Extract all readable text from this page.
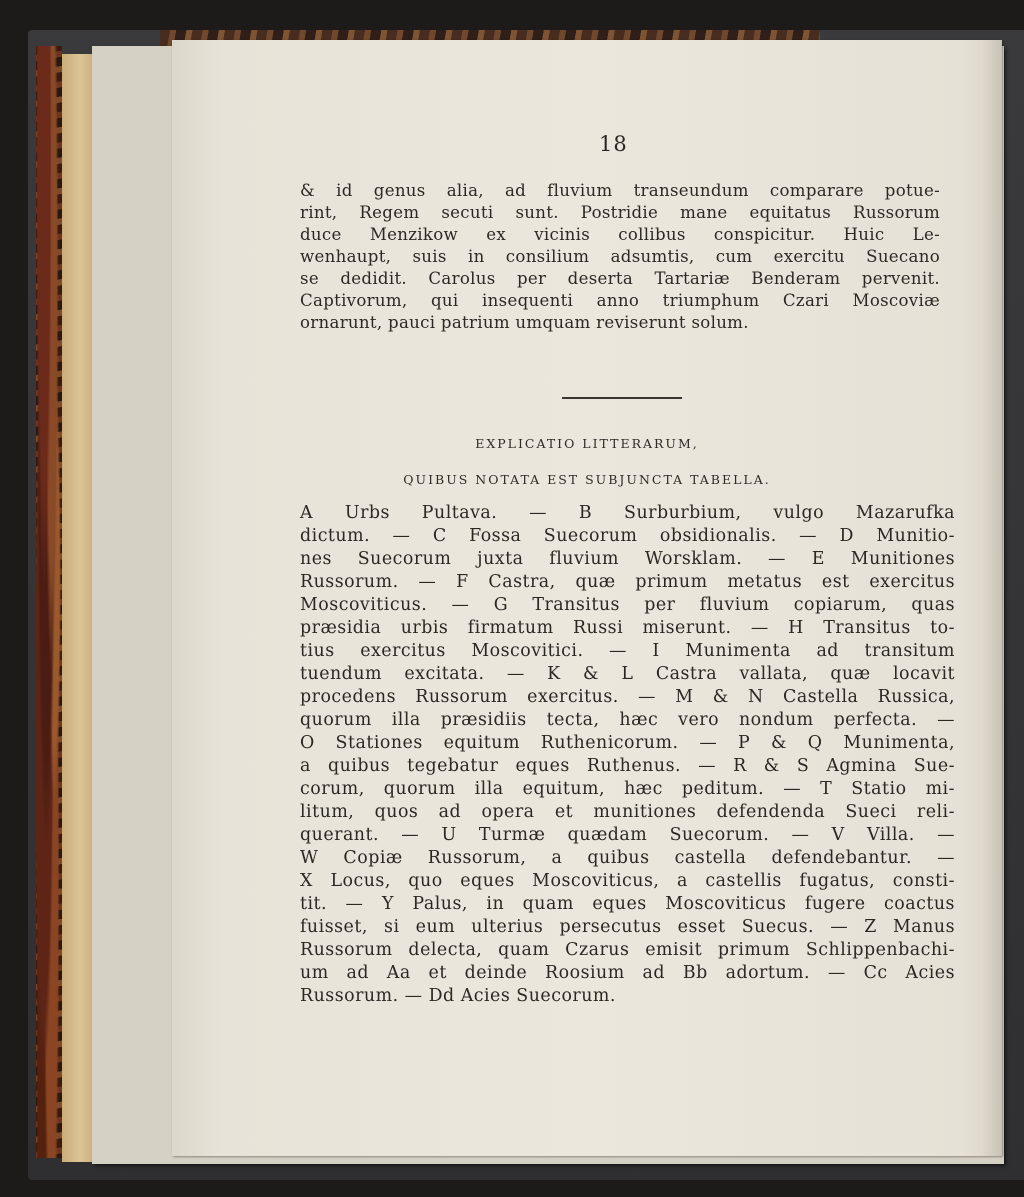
18
& id genus alia, ad fluvium transeundum comparare potue-
rint, Regem secuti sunt. Postridie mane equitatus Russorum
duce Menzikow ex vicinis collibus conspicitur. Huic Le-
wenhaupt, suis in consilium adsumtis, cum exercitu Suecano
se dedidit. Carolus per deserta Tartariæ Benderam pervenit.
Captivorum, qui insequenti anno triumphum Czari Moscoviæ
ornarunt, pauci patrium umquam reviserunt solum.
EXPLICATIO LITTERARUM,
QUIBUS NOTATA EST SUBJUNCTA TABELLA.
A Urbs Pultava. — B Surburbium, vulgo Mazarufka
dictum. — C Fossa Suecorum obsidionalis. — D Munitio-
nes Suecorum juxta fluvium Worsklam. — E Munitiones
Russorum. — F Castra, quæ primum metatus est exercitus
Moscoviticus. — G Transitus per fluvium copiarum, quas
præsidia urbis firmatum Russi miserunt. — H Transitus to-
tius exercitus Moscovitici. — I Munimenta ad transitum
tuendum excitata. — K & L Castra vallata, quæ locavit
procedens Russorum exercitus. — M & N Castella Russica,
quorum illa præsidiis tecta, hæc vero nondum perfecta. —
O Stationes equitum Ruthenicorum. — P & Q Munimenta,
a quibus tegebatur eques Ruthenus. — R & S Agmina Sue-
corum, quorum illa equitum, hæc peditum. — T Statio mi-
litum, quos ad opera et munitiones defendenda Sueci reli-
querant. — U Turmæ quædam Suecorum. — V Villa. —
W Copiæ Russorum, a quibus castella defendebantur. —
X Locus, quo eques Moscoviticus, a castellis fugatus, consti-
tit. — Y Palus, in quam eques Moscoviticus fugere coactus
fuisset, si eum ulterius persecutus esset Suecus. — Z Manus
Russorum delecta, quam Czarus emisit primum Schlippenbachi-
um ad Aa et deinde Roosium ad Bb adortum. — Cc Acies
Russorum. — Dd Acies Suecorum.
